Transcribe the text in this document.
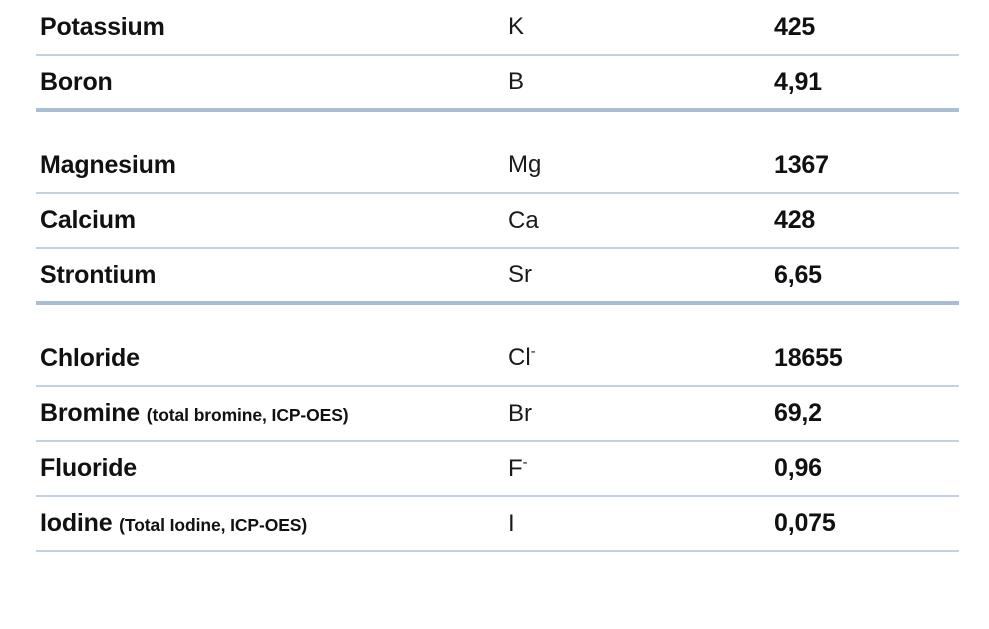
Potassium	K	425
Boron	B	4,91

Magnesium	Mg	1367
Calcium	Ca	428
Strontium	Sr	6,65

Chloride	Cl-	18655
Bromine (total bromine, ICP-OES)	Br	69,2
Fluoride	F-	0,96
Iodine (Total Iodine, ICP-OES)	I	0,075
